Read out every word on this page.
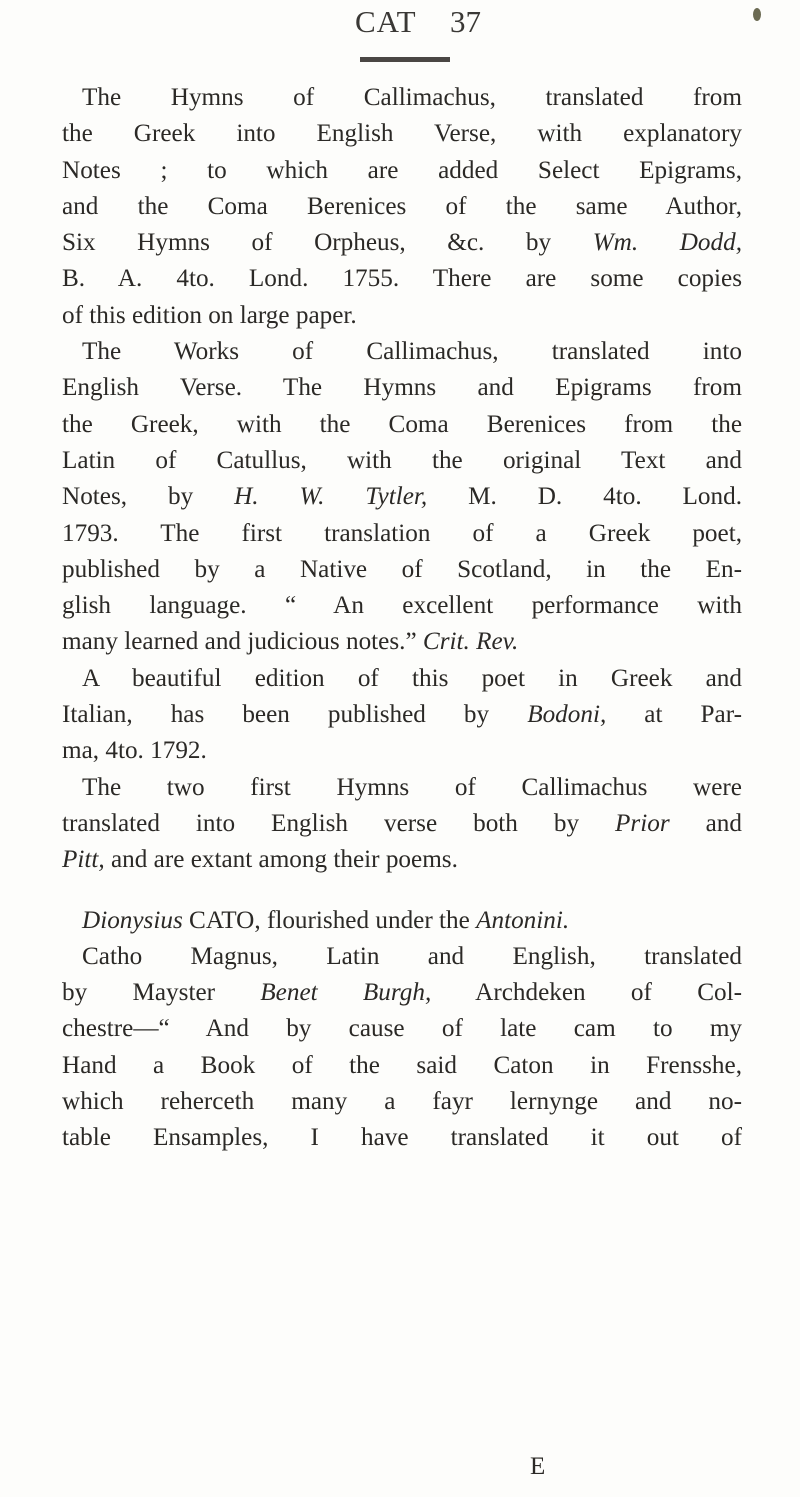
CAT 37

The Hymns of Callimachus, translated from
the Greek into English Verse, with explanatory
Notes ; to which are added Select Epigrams,
and the Coma Berenices of the same Author,
Six Hymns of Orpheus, &c. by Wm. Dodd,
B. A. 4to. Lond. 1755. There are some copies
of this edition on large paper.

The Works of Callimachus, translated into
English Verse. The Hymns and Epigrams from
the Greek, with the Coma Berenices from the
Latin of Catullus, with the original Text and
Notes, by H. W. Tytler, M. D. 4to. Lond.
1793. The first translation of a Greek poet,
published by a Native of Scotland, in the En-
glish language. “ An excellent performance with
many learned and judicious notes.” Crit. Rev.

A beautiful edition of this poet in Greek and
Italian, has been published by Bodoni, at Par-
ma, 4to. 1792.

The two first Hymns of Callimachus were
translated into English verse both by Prior and
Pitt, and are extant among their poems.

Dionysius CATO, flourished under the Antonini.

Catho Magnus, Latin and English, translated
by Mayster Benet Burgh, Archdeken of Col-
chestre—“ And by cause of late cam to my
Hand a Book of the said Caton in Frensshe,
which reherceth many a fayr lernynge and no-
table Ensamples, I have translated it out of

E
